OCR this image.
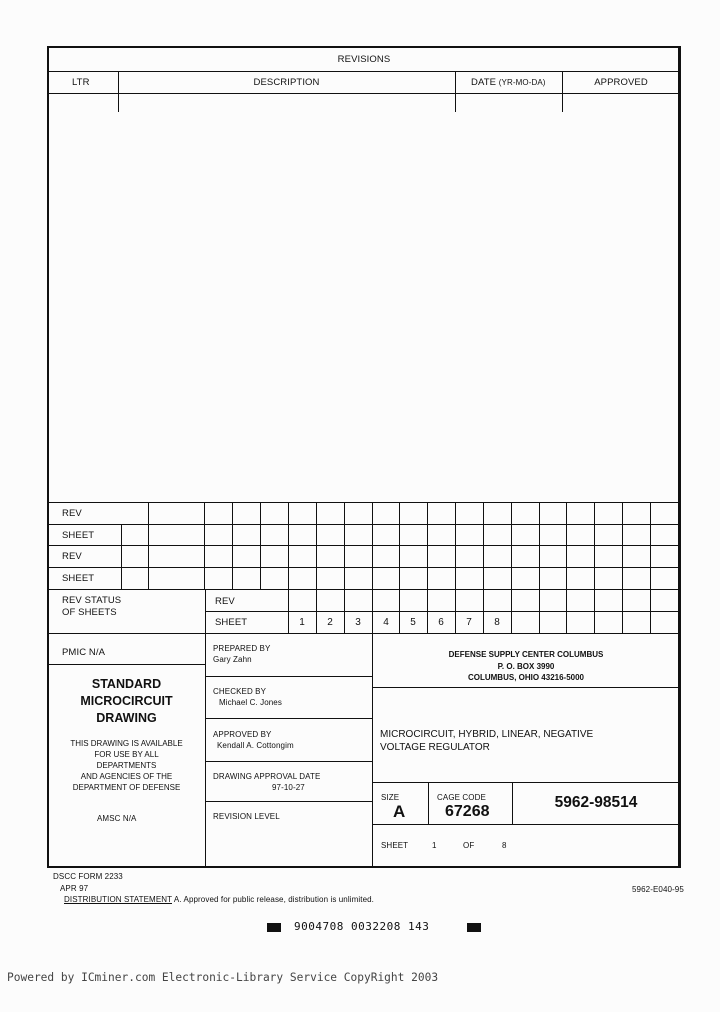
REVISIONS
LTR	DESCRIPTION	DATE (YR-MO-DA)	APPROVED
REV
SHEET
REV
SHEET
REV STATUS
OF SHEETS
REV
SHEET	1	2	3	4	5	6	7	8
PMIC N/A
STANDARD
MICROCIRCUIT
DRAWING
THIS DRAWING IS AVAILABLE
FOR USE BY ALL
DEPARTMENTS
AND AGENCIES OF THE
DEPARTMENT OF DEFENSE
AMSC N/A
PREPARED BY
Gary Zahn
CHECKED BY
Michael C. Jones
APPROVED BY
Kendall A. Cottongim
DRAWING APPROVAL DATE
97-10-27
REVISION LEVEL
DEFENSE SUPPLY CENTER COLUMBUS
P. O. BOX 3990
COLUMBUS, OHIO 43216-5000
MICROCIRCUIT, HYBRID, LINEAR, NEGATIVE
VOLTAGE REGULATOR
SIZE
A
CAGE CODE
67268
5962-98514
SHEET	1	OF	8
DSCC FORM 2233
APR 97
DISTRIBUTION STATEMENT A. Approved for public release, distribution is unlimited.
5962-E040-95
9004708 0032208 143
Powered by ICminer.com Electronic-Library Service CopyRight 2003
